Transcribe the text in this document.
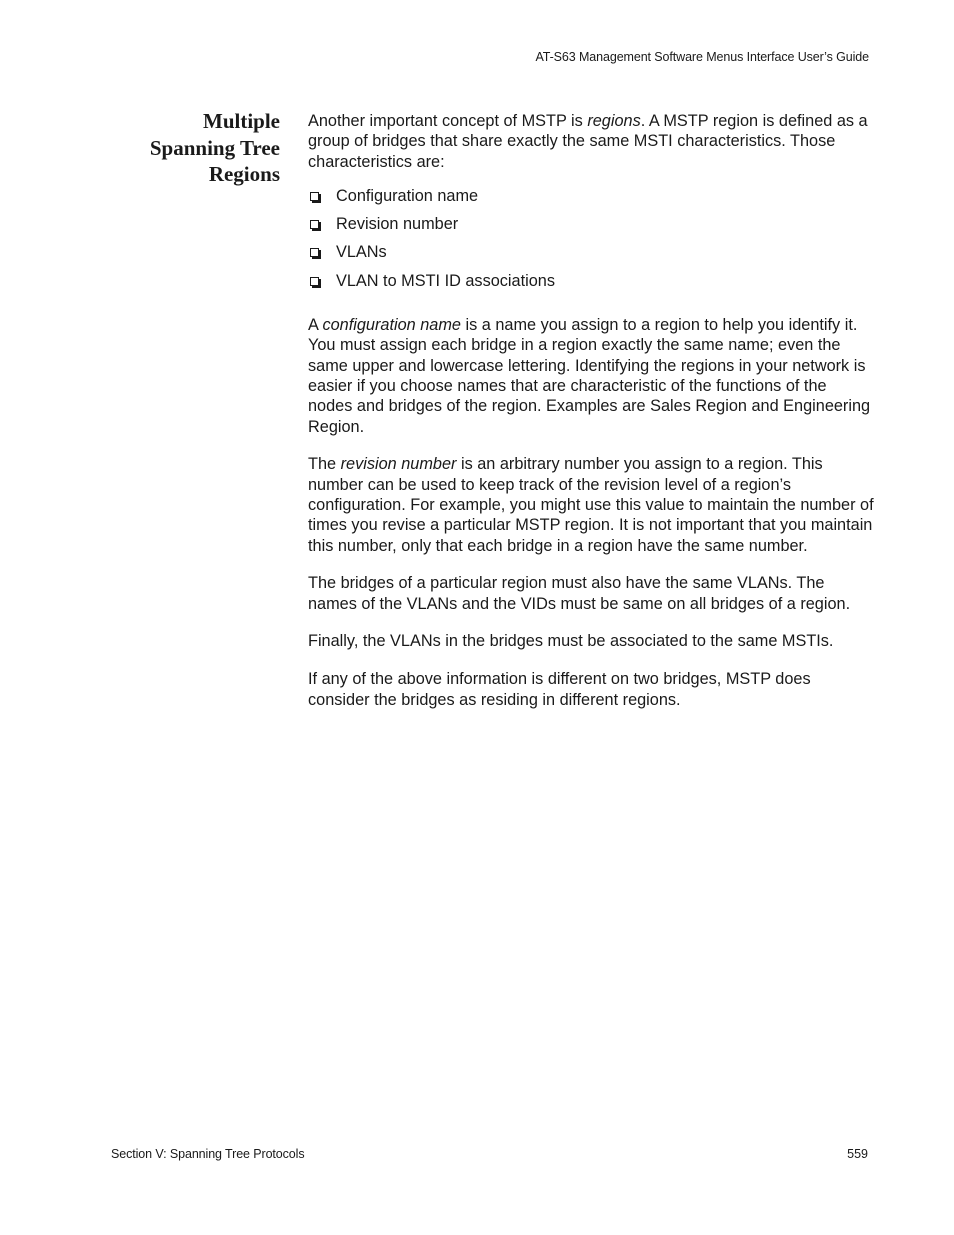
AT-S63 Management Software Menus Interface User’s Guide
Multiple
Spanning Tree
Regions

Another important concept of MSTP is regions. A MSTP region is defined as a group of bridges that share exactly the same MSTI characteristics. Those characteristics are:

Configuration name
Revision number
VLANs
VLAN to MSTI ID associations

A configuration name is a name you assign to a region to help you identify it. You must assign each bridge in a region exactly the same name; even the same upper and lowercase lettering. Identifying the regions in your network is easier if you choose names that are characteristic of the functions of the nodes and bridges of the region. Examples are Sales Region and Engineering Region.

The revision number is an arbitrary number you assign to a region. This number can be used to keep track of the revision level of a region’s configuration. For example, you might use this value to maintain the number of times you revise a particular MSTP region. It is not important that you maintain this number, only that each bridge in a region have the same number.

The bridges of a particular region must also have the same VLANs. The names of the VLANs and the VIDs must be same on all bridges of a region.

Finally, the VLANs in the bridges must be associated to the same MSTIs.

If any of the above information is different on two bridges, MSTP does consider the bridges as residing in different regions.

Section V: Spanning Tree Protocols	559
